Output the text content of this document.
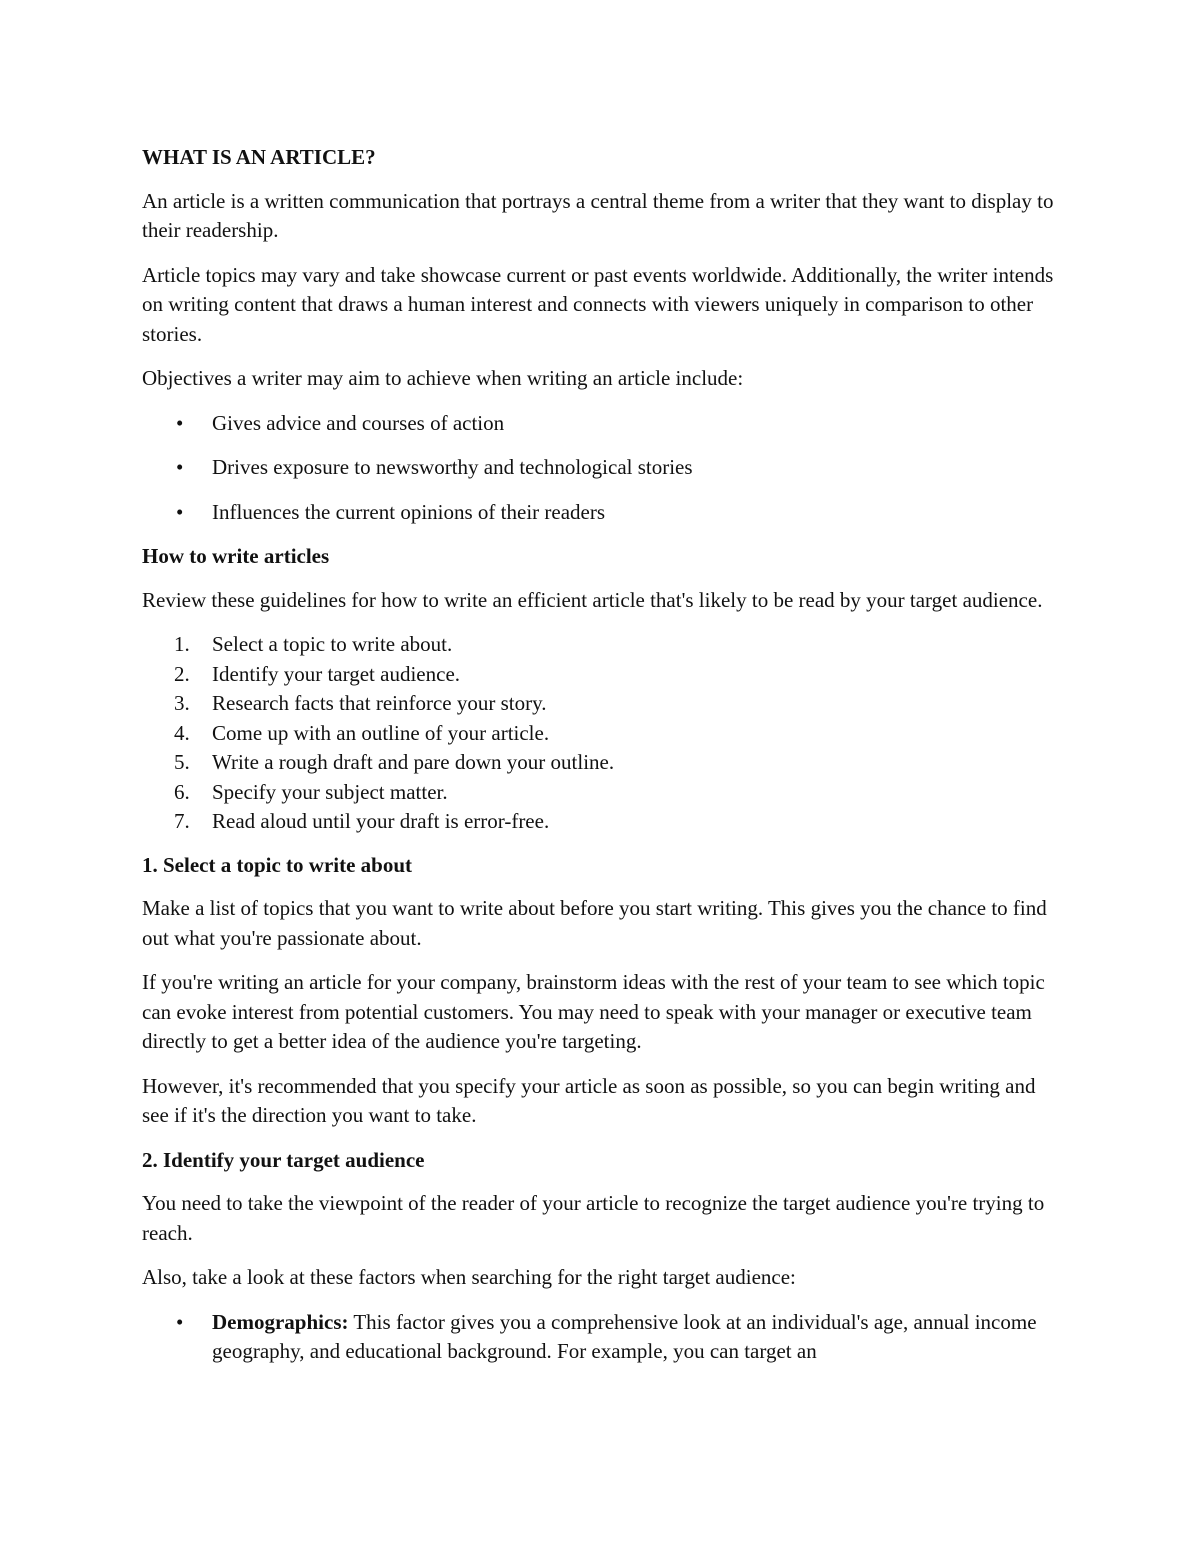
WHAT IS AN ARTICLE?

An article is a written communication that portrays a central theme from a writer that they want to display to their readership.

Article topics may vary and take showcase current or past events worldwide. Additionally, the writer intends on writing content that draws a human interest and connects with viewers uniquely in comparison to other stories.

Objectives a writer may aim to achieve when writing an article include:

• Gives advice and courses of action
• Drives exposure to newsworthy and technological stories
• Influences the current opinions of their readers
How to write articles

Review these guidelines for how to write an efficient article that's likely to be read by your target audience.

1. Select a topic to write about.
2. Identify your target audience.
3. Research facts that reinforce your story.
4. Come up with an outline of your article.
5. Write a rough draft and pare down your outline.
6. Specify your subject matter.
7. Read aloud until your draft is error-free.
1. Select a topic to write about

Make a list of topics that you want to write about before you start writing. This gives you the chance to find out what you're passionate about.

If you're writing an article for your company, brainstorm ideas with the rest of your team to see which topic can evoke interest from potential customers. You may need to speak with your manager or executive team directly to get a better idea of the audience you're targeting.

However, it's recommended that you specify your article as soon as possible, so you can begin writing and see if it's the direction you want to take.

2. Identify your target audience

You need to take the viewpoint of the reader of your article to recognize the target audience you're trying to reach.

Also, take a look at these factors when searching for the right target audience:

• Demographics: This factor gives you a comprehensive look at an individual's age, annual income geography, and educational background. For example, you can target an
